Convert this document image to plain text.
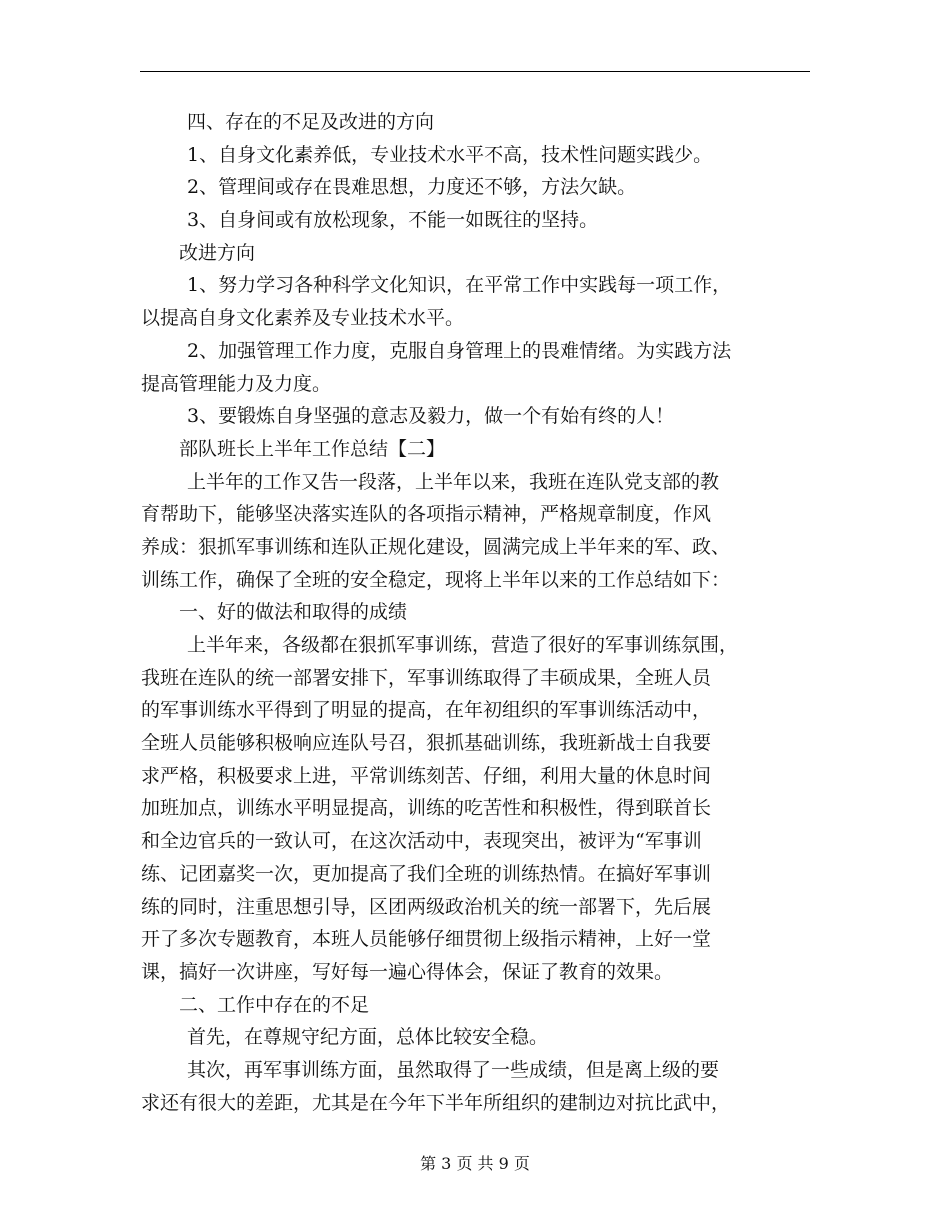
四、存在的不足及改进的方向
1、自身文化素养低，专业技术水平不高，技术性问题实践少。
2、管理间或存在畏难思想，力度还不够，方法欠缺。
3、自身间或有放松现象，不能一如既往的坚持。
改进方向
1、努力学习各种科学文化知识，在平常工作中实践每一项工作，
以提高自身文化素养及专业技术水平。
2、加强管理工作力度，克服自身管理上的畏难情绪。为实践方法
提高管理能力及力度。
3、要锻炼自身坚强的意志及毅力，做一个有始有终的人！
部队班长上半年工作总结【二】
上半年的工作又告一段落，上半年以来，我班在连队党支部的教
育帮助下，能够坚决落实连队的各项指示精神，严格规章制度，作风
养成：狠抓军事训练和连队正规化建设，圆满完成上半年来的军、政、
训练工作，确保了全班的安全稳定，现将上半年以来的工作总结如下：
一、好的做法和取得的成绩
上半年来，各级都在狠抓军事训练，营造了很好的军事训练氛围，
我班在连队的统一部署安排下，军事训练取得了丰硕成果，全班人员
的军事训练水平得到了明显的提高，在年初组织的军事训练活动中，
全班人员能够积极响应连队号召，狠抓基础训练，我班新战士自我要
求严格，积极要求上进，平常训练刻苦、仔细，利用大量的休息时间
加班加点，训练水平明显提高，训练的吃苦性和积极性，得到联首长
和全边官兵的一致认可，在这次活动中，表现突出，被评为“军事训
练、记团嘉奖一次，更加提高了我们全班的训练热情。在搞好军事训
练的同时，注重思想引导，区团两级政治机关的统一部署下，先后展
开了多次专题教育，本班人员能够仔细贯彻上级指示精神，上好一堂
课，搞好一次讲座，写好每一遍心得体会，保证了教育的效果。
二、工作中存在的不足
首先，在尊规守纪方面，总体比较安全稳。
其次，再军事训练方面，虽然取得了一些成绩，但是离上级的要
求还有很大的差距，尤其是在今年下半年所组织的建制边对抗比武中，
第 3 页 共 9 页
